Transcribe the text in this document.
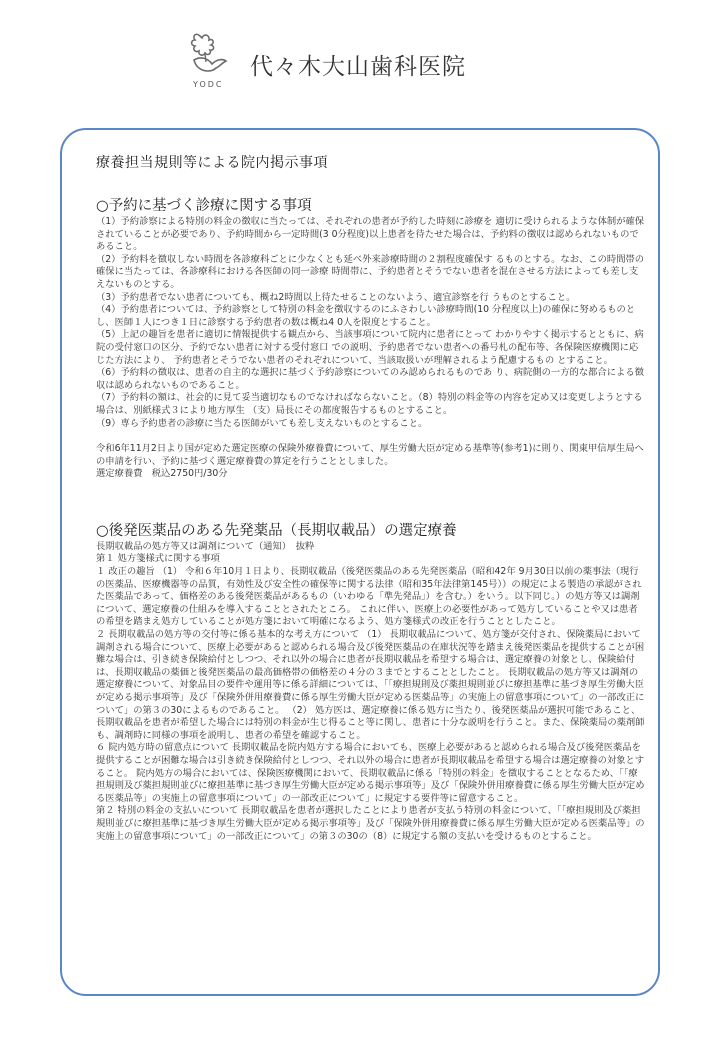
YODC
代々木大山歯科医院
療養担当規則等による院内掲示事項
○予約に基づく診療に関する事項

（1）予約診察による特別の料金の徴収に当たっては、それぞれの患者が予約した時刻に診療を 適切に受けられるような体制が確保されていることが必要であり、予約時間から一定時間(3 0分程度)以上患者を待たせた場合は、予約料の徴収は認められないものであること。

（2）予約料を徴収しない時間を各診療科ごとに少なくとも延べ外来診療時間の２割程度確保す るものとする。なお、この時間帯の確保に当たっては、各診療科における各医師の同一診療 時間帯に、予約患者とそうでない患者を混在させる方法によっても差し支えないものとする。

（3）予約患者でない患者についても、概ね2時間以上待たせることのないよう、適宜診察を行 うものとすること。

（4）予約患者については、予約診察として特別の料金を徴収するのにふさわしい診療時間(10 分程度以上)の確保に努めるものとし、医師１人につき１日に診察する予約患者の数は概ね4 0人を限度とすること。

（5）上記の趣旨を患者に適切に情報提供する観点から、当該事項について院内に患者にとって わかりやすく掲示するとともに、病院の受付窓口の区分、予約でない患者に対する受付窓口 での説明、予約患者でない患者への番号札の配布等、各保険医療機関に応じた方法により、 予約患者とそうでない患者のそれぞれについて、当該取扱いが理解されるよう配慮するもの とすること。

（6）予約料の徴収は、患者の自主的な選択に基づく予約診察についてのみ認められるものであ り、病院側の一方的な都合による徴収は認められないものであること。

（7）予約料の額は、社会的に見て妥当適切なものでなければならないこと。（8）特別の料金等の内容を定め又は変更しようとする場合は、別紙様式３により地方厚生 （支）局長にその都度報告するものとすること。

（9）専ら予約患者の診療に当たる医師がいても差し支えないものとすること。

令和6年11月2日より国が定めた選定医療の保険外療養費について、厚生労働大臣が定める基準等(参考1)に則り、関東甲信厚生局への申請を行い、予約に基づく選定療養費の算定を行うこととしました。

選定療養費　税込2750円/30分

○後発医薬品のある先発薬品（長期収載品）の選定療養

長期収載品の処方等又は調剤について（通知）　抜粋

第１ 処方箋様式に関する事項

１ 改正の趣旨 （1） 令和６年10月１日より、長期収載品（後発医薬品のある先発医薬品（昭和42年 9月30日以前の薬事法（現行の医薬品、医療機器等の品質，有効性及び安全性の確保等に関する法律（昭和35年法律第145号））の規定による製造の承認がされた医薬品であって、価格差のある後発医薬品があるもの（いわゆる「準先発品」）を含む。）をいう。以下同じ。）の処方等又は調剤について、選定療養の仕組みを導入することとされたところ。 これに伴い、医療上の必要性があって処方していることや又は患者の希望を踏まえ処方していることが処方箋において明確になるよう、処方箋様式の改正を行うこととしたこと。

２ 長期収載品の処方等の交付等に係る基本的な考え方について （1） 長期収載品について、処方箋が交付され、保険薬局において調剤される場合について、医療上必要があると認められる場合及び後発医薬品の在庫状況等を踏まえ後発医薬品を提供することが困難な場合は、引き続き保険給付としつつ、それ以外の場合に患者が長期収載品を希望する場合は、選定療養の対象とし、保険給付は、長期収載品の薬価と後発医薬品の最高価格帯の価格差の４分の３までとすることとしたこと。 長期収載品の処方等又は調剤の選定療養について、対象品目の要件や運用等に係る詳細については、「「療担規則及び薬担規則並びに療担基準に基づき厚生労働大臣が定める掲示事項等」及び「保険外併用療養費に係る厚生労働大臣が定める医薬品等」の実施上の留意事項について」の一部改正について」の第３の30によるものであること。 （2） 処方医は、選定療養に係る処方に当たり、後発医薬品が選択可能であること、長期収載品を患者が希望した場合には特別の料金が生じ得ること等に関し、患者に十分な説明を行うこと。また、保険薬局の薬剤師も、調剤時に同様の事項を説明し、患者の希望を確認すること。

６ 院内処方時の留意点について 長期収載品を院内処方する場合においても、医療上必要があると認められる場合及び後発医薬品を提供することが困難な場合は引き続き保険給付としつつ、それ以外の場合に患者が長期収載品を希望する場合は選定療養の対象とすること。 院内処方の場合においては、保険医療機関において、長期収載品に係る「特別の料金」を徴収することとなるため、「「療担規則及び薬担規則並びに療担基準に基づき厚生労働大臣が定める掲示事項等」及び「保険外併用療養費に係る厚生労働大臣が定める医薬品等」の実施上の留意事項について」の一部改正について」に規定する要件等に留意すること。

第２ 特別の料金の支払いについて 長期収載品を患者が選択したことにより患者が支払う特別の料金について、「「療担規則及び薬担規則並びに療担基準に基づき厚生労働大臣が定める掲示事項等」及び「保険外併用療養費に係る厚生労働大臣が定める医薬品等」の実施上の留意事項について」の一部改正について」の第３の30の（8）に規定する額の支払いを受けるものとすること。
